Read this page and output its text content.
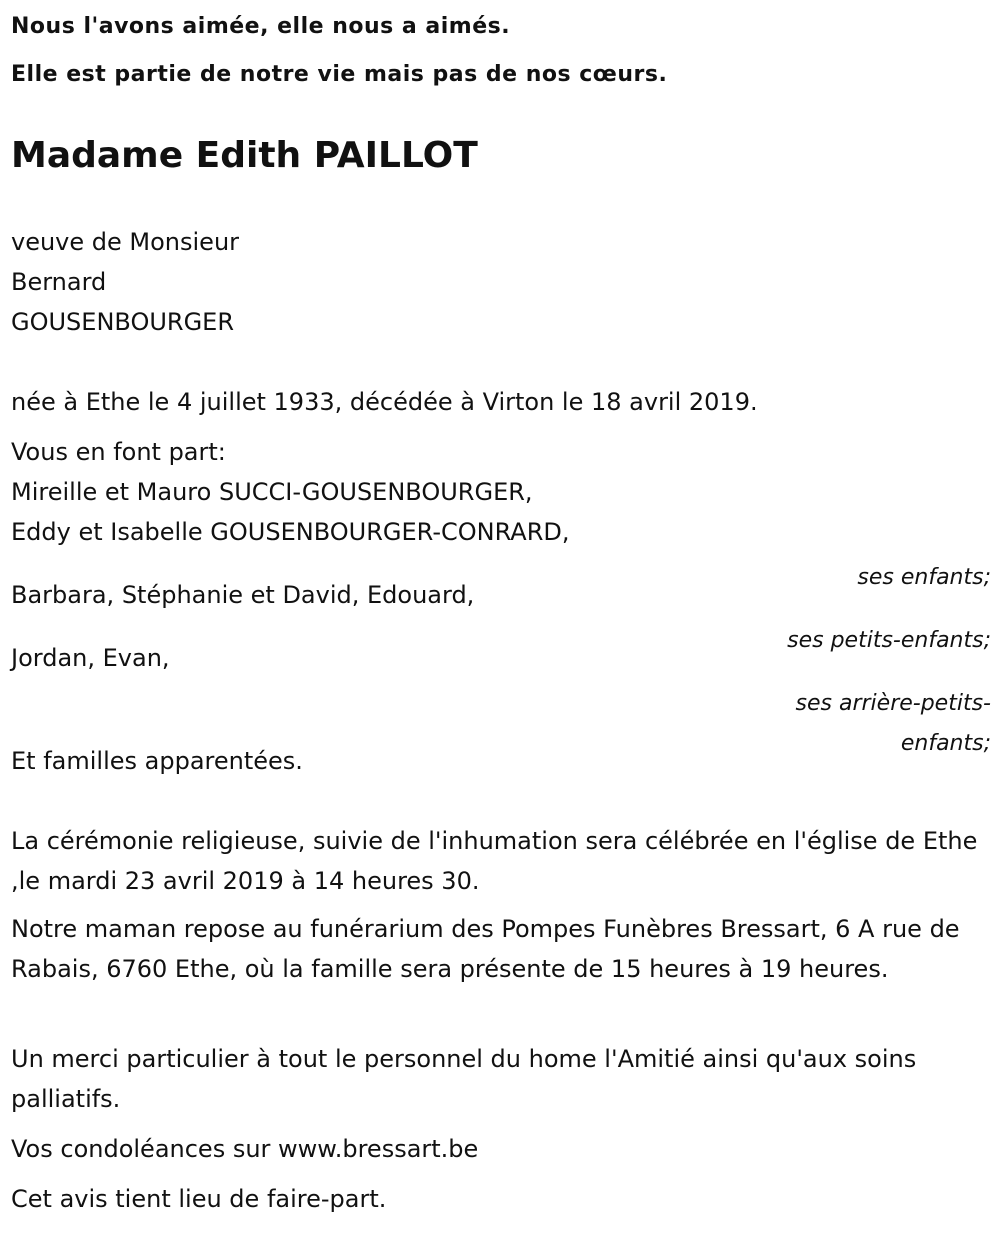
Nous l'avons aimée, elle nous a aimés.

Elle est partie de notre vie mais pas de nos cœurs.

Madame Edith PAILLOT

veuve de Monsieur

Bernard

GOUSENBOURGER

née à Ethe le 4 juillet 1933, décédée à Virton le 18 avril 2019.

Vous en font part:

Mireille et Mauro SUCCI-GOUSENBOURGER,

Eddy et Isabelle GOUSENBOURGER-CONRARD,

ses enfants;

Barbara, Stéphanie et David, Edouard,

ses petits-enfants;

Jordan, Evan,

ses arrière-petits-

enfants;

Et familles apparentées.

La cérémonie religieuse, suivie de l'inhumation sera célébrée en l'église de Ethe ,le mardi 23 avril 2019 à 14 heures 30.

Notre maman repose au funérarium des Pompes Funèbres Bressart, 6 A rue de Rabais, 6760 Ethe, où la famille sera présente de 15 heures à 19 heures.

Un merci particulier à tout le personnel du home l'Amitié ainsi qu'aux soins palliatifs.

Vos condoléances sur www.bressart.be

Cet avis tient lieu de faire-part.
